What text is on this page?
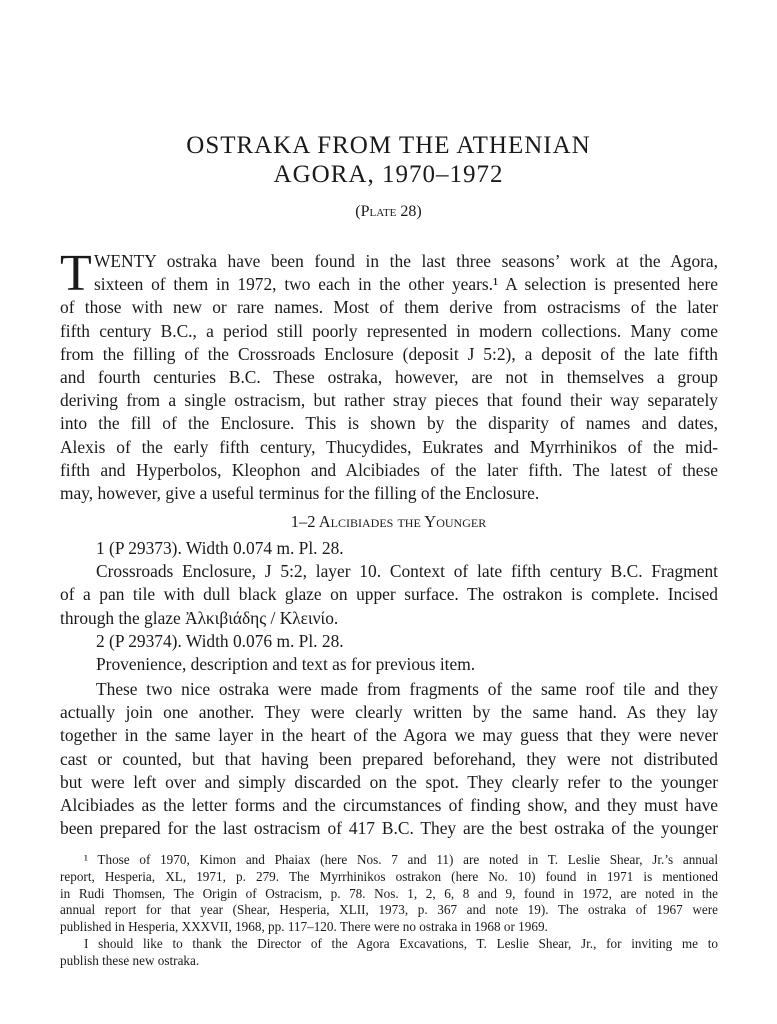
OSTRAKA FROM THE ATHENIAN
AGORA, 1970–1972
(Plate 28)
T WENTY ostraka have been found in the last three seasons’ work at the Agora,
sixteen of them in 1972, two each in the other years.¹ A selection is presented here
of those with new or rare names. Most of them derive from ostracisms of the later
fifth century B.C., a period still poorly represented in modern collections. Many come
from the filling of the Crossroads Enclosure (deposit J 5:2), a deposit of the late fifth
and fourth centuries B.C. These ostraka, however, are not in themselves a group
deriving from a single ostracism, but rather stray pieces that found their way separately
into the fill of the Enclosure. This is shown by the disparity of names and dates,
Alexis of the early fifth century, Thucydides, Eukrates and Myrrhinikos of the mid-
fifth and Hyperbolos, Kleophon and Alcibiades of the later fifth. The latest of these
may, however, give a useful terminus for the filling of the Enclosure.
1–2 Alcibiades the Younger
1 (P 29373). Width 0.074 m. Pl. 28.
Crossroads Enclosure, J 5:2, layer 10. Context of late fifth century B.C. Fragment
of a pan tile with dull black glaze on upper surface. The ostrakon is complete. Incised
through the glaze Ἀλκιβιάδης / Κλεινίο.
2 (P 29374). Width 0.076 m. Pl. 28.
Provenience, description and text as for previous item.
These two nice ostraka were made from fragments of the same roof tile and they
actually join one another. They were clearly written by the same hand. As they lay
together in the same layer in the heart of the Agora we may guess that they were never
cast or counted, but that having been prepared beforehand, they were not distributed
but were left over and simply discarded on the spot. They clearly refer to the younger
Alcibiades as the letter forms and the circumstances of finding show, and they must have
been prepared for the last ostracism of 417 B.C. They are the best ostraka of the younger
¹ Those of 1970, Kimon and Phaiax (here Nos. 7 and 11) are noted in T. Leslie Shear, Jr.’s annual
report, Hesperia, XL, 1971, p. 279. The Myrrhinikos ostrakon (here No. 10) found in 1971 is mentioned
in Rudi Thomsen, The Origin of Ostracism, p. 78. Nos. 1, 2, 6, 8 and 9, found in 1972, are noted in the
annual report for that year (Shear, Hesperia, XLII, 1973, p. 367 and note 19). The ostraka of 1967 were
published in Hesperia, XXXVII, 1968, pp. 117–120. There were no ostraka in 1968 or 1969.
I should like to thank the Director of the Agora Excavations, T. Leslie Shear, Jr., for inviting me to
publish these new ostraka.
